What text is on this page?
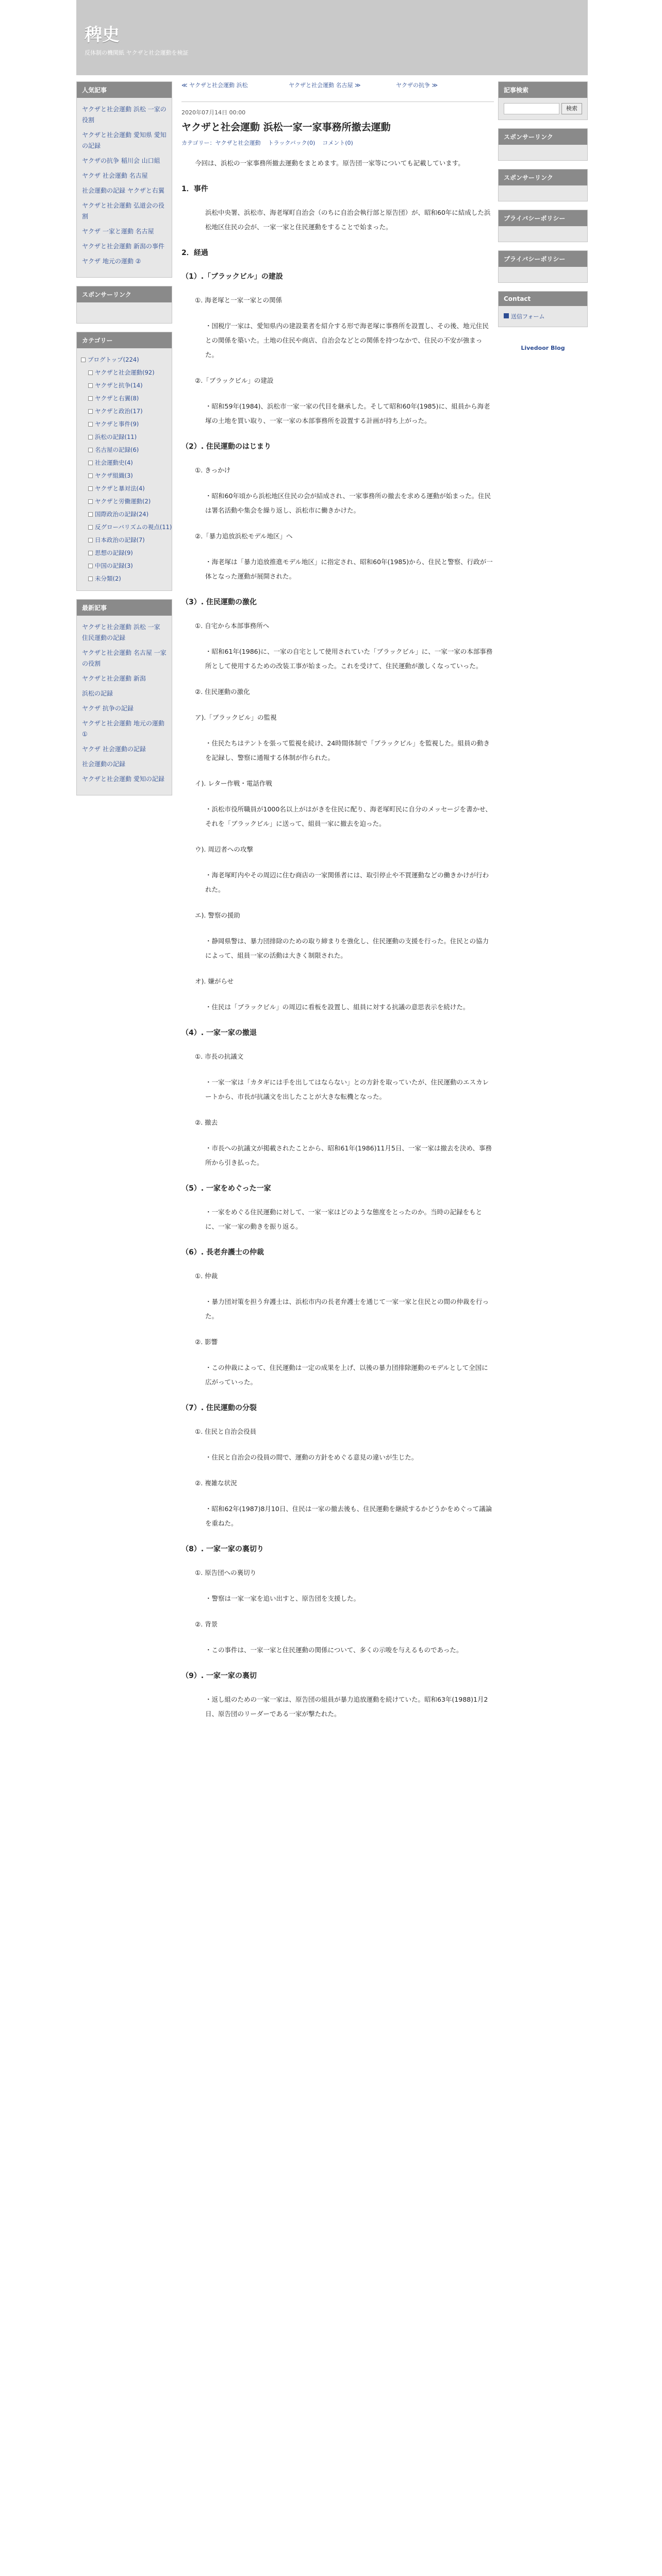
稗史
反体制の機関紙 ヤクザと社会運動を検証
人気記事
ヤクザと社会運動 浜松 一家の役割
ヤクザと社会運動 愛知県 愛知の記録
ヤクザの抗争 稲川会 山口組
ヤクザ 社会運動 名古屋
社会運動の記録 ヤクザと右翼
ヤクザと社会運動 弘道会の役割
ヤクザ 一家と運動 名古屋
ヤクザと社会運動 新潟の事件
ヤクザ 地元の運動 ②
スポンサーリンク
カテゴリー
ブログトップ(224)
ヤクザと社会運動(92)
ヤクザと抗争(14)
ヤクザと右翼(8)
ヤクザと政治(17)
ヤクザと事件(9)
浜松の記録(11)
名古屋の記録(6)
社会運動史(4)
ヤクザ組織(3)
ヤクザと暴対法(4)
ヤクザと労働運動(2)
国際政治の記録(24)
反グローバリズムの視点(11)
日本政治の記録(7)
思想の記録(9)
中国の記録(3)
未分類(2)
最新記事
ヤクザと社会運動 浜松 一家 住民運動の記録
ヤクザと社会運動 名古屋 一家の役割
ヤクザと社会運動 新潟
浜松の記録
ヤクザ 抗争の記録
ヤクザと社会運動 地元の運動 ①
ヤクザ 社会運動の記録
社会運動の記録
ヤクザと社会運動 愛知の記録
≪ ヤクザと社会運動 浜松	ヤクザと社会運動 名古屋 ≫	ヤクザの抗争 ≫
2020年07月14日 00:00
ヤクザと社会運動 浜松一家一家事務所撤去運動
カテゴリー：ヤクザと社会運動 トラックバック(0) コメント(0)

今回は、浜松の一家事務所撤去運動をまとめます。原告団一家等についても記載しています。

1．事件

浜松中央署、浜松市、海老塚町自治会（のちに自治会執行部と原告団）が、昭和60年に結成した浜松地区住民の会が、一家一家と住民運動をすることで始まった。

2．経過
（1）.「ブラックビル」の建設

①. 海老塚と一家一家との関係

・国税庁一家は、愛知県内の建設業者を紹介する形で海老塚に事務所を設置し、その後、地元住民との関係を築いた。土地の住民や商店、自治会などとの関係を持つなかで、住民の不安が強まった。

②.「ブラックビル」の建設

・昭和59年(1984)、浜松市一家一家の代目を継承した。そして昭和60年(1985)に、組員から海老塚の土地を買い取り、一家一家の本部事務所を設置する計画が持ち上がった。

（2）. 住民運動のはじまり

①. きっかけ

・昭和60年頃から浜松地区住民の会が結成され、一家事務所の撤去を求める運動が始まった。住民は署名活動や集会を繰り返し、浜松市に働きかけた。

②.「暴力追放浜松モデル地区」へ

・海老塚は「暴力追放推進モデル地区」に指定され、昭和60年(1985)から、住民と警察、行政が一体となった運動が展開された。

（3）. 住民運動の激化

①. 自宅から本部事務所へ

・昭和61年(1986)に、一家の自宅として使用されていた「ブラックビル」に、一家一家の本部事務所として使用するための改装工事が始まった。これを受けて、住民運動が激しくなっていった。

②. 住民運動の激化

ア).「ブラックビル」の監視

・住民たちはテントを張って監視を続け、24時間体制で「ブラックビル」を監視した。組員の動きを記録し、警察に通報する体制が作られた。

イ). レター作戦・電話作戦

・浜松市役所職員が1000名以上がはがきを住民に配り、海老塚町民に自分のメッセージを書かせ、それを「ブラックビル」に送って、組員一家に撤去を迫った。

ウ). 周辺者への攻撃

・海老塚町内やその周辺に住む商店の一家関係者には、取引停止や不買運動などの働きかけが行われた。

エ). 警察の援助

・静岡県警は、暴力団排除のための取り締まりを強化し、住民運動の支援を行った。住民との協力によって、組員一家の活動は大きく制限された。

オ). 嫌がらせ

・住民は「ブラックビル」の周辺に看板を設置し、組員に対する抗議の意思表示を続けた。

（4）. 一家一家の撤退

①. 市長の抗議文

・一家一家は「カタギには手を出してはならない」との方針を取っていたが、住民運動のエスカレートから、市長が抗議文を出したことが大きな転機となった。

②. 撤去

・市長への抗議文が掲載されたことから、昭和61年(1986)11月5日、一家一家は撤去を決め、事務所から引き払った。

（5）. 一家をめぐった一家

・一家をめぐる住民運動に対して、一家一家はどのような態度をとったのか。当時の記録をもとに、一家一家の動きを振り返る。

（6）. 長老弁護士の仲裁

①. 仲裁

・暴力団対策を担う弁護士は、浜松市内の長老弁護士を通じて一家一家と住民との間の仲裁を行った。

②. 影響

・この仲裁によって、住民運動は一定の成果を上げ、以後の暴力団排除運動のモデルとして全国に広がっていった。

（7）. 住民運動の分裂

①. 住民と自治会役員

・住民と自治会の役員の間で、運動の方針をめぐる意見の違いが生じた。

②. 複雑な状況

・昭和62年(1987)8月10日、住民は一家の撤去後も、住民運動を継続するかどうかをめぐって議論を重ねた。

（8）. 一家一家の裏切り

①. 原告団への裏切り

・警察は一家一家を追い出すと、原告団を支援した。

②. 背景

・この事件は、一家一家と住民運動の関係について、多くの示唆を与えるものであった。

（9）. 一家一家の裏切

・返し組のための一家一家は、原告団の組員が暴力追放運動を続けていた。昭和63年(1988)1月2日、原告団のリーダーである一家が撃たれた。

記事検索
検索
スポンサーリンク
スポンサーリンク
プライバシーポリシー
プライバシーポリシー
Contact
送信フォーム
Livedoor Blog
